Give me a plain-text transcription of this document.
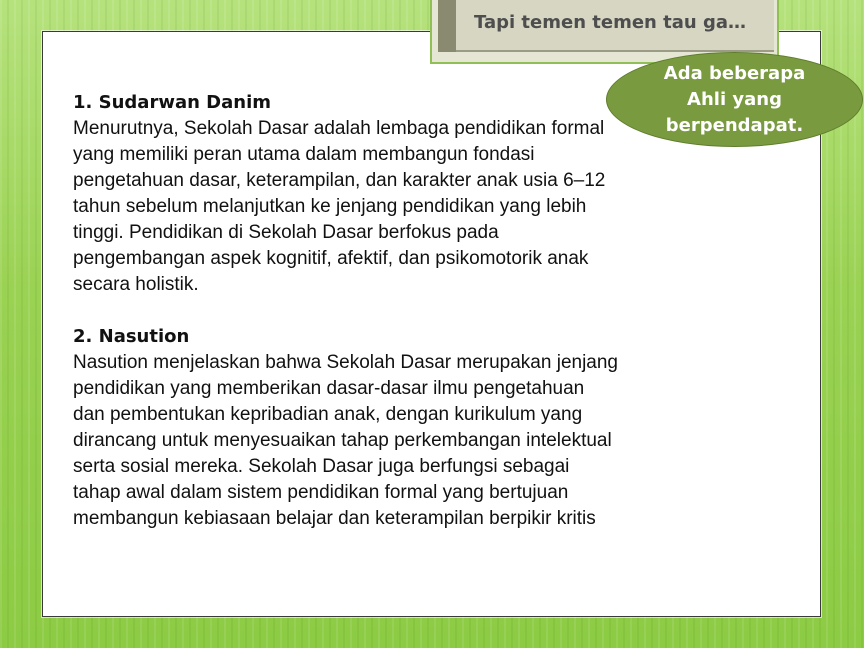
Tapi temen temen tau ga…
Ada beberapa Ahli yang berpendapat.
1. Sudarwan Danim

Menurutnya, Sekolah Dasar adalah lembaga pendidikan formal yang memiliki peran utama dalam membangun fondasi pengetahuan dasar, keterampilan, dan karakter anak usia 6–12 tahun sebelum melanjutkan ke jenjang pendidikan yang lebih tinggi. Pendidikan di Sekolah Dasar berfokus pada pengembangan aspek kognitif, afektif, dan psikomotorik anak secara holistik.

2. Nasution

Nasution menjelaskan bahwa Sekolah Dasar merupakan jenjang pendidikan yang memberikan dasar-dasar ilmu pengetahuan dan pembentukan kepribadian anak, dengan kurikulum yang dirancang untuk menyesuaikan tahap perkembangan intelektual serta sosial mereka. Sekolah Dasar juga berfungsi sebagai tahap awal dalam sistem pendidikan formal yang bertujuan membangun kebiasaan belajar dan keterampilan berpikir kritis
